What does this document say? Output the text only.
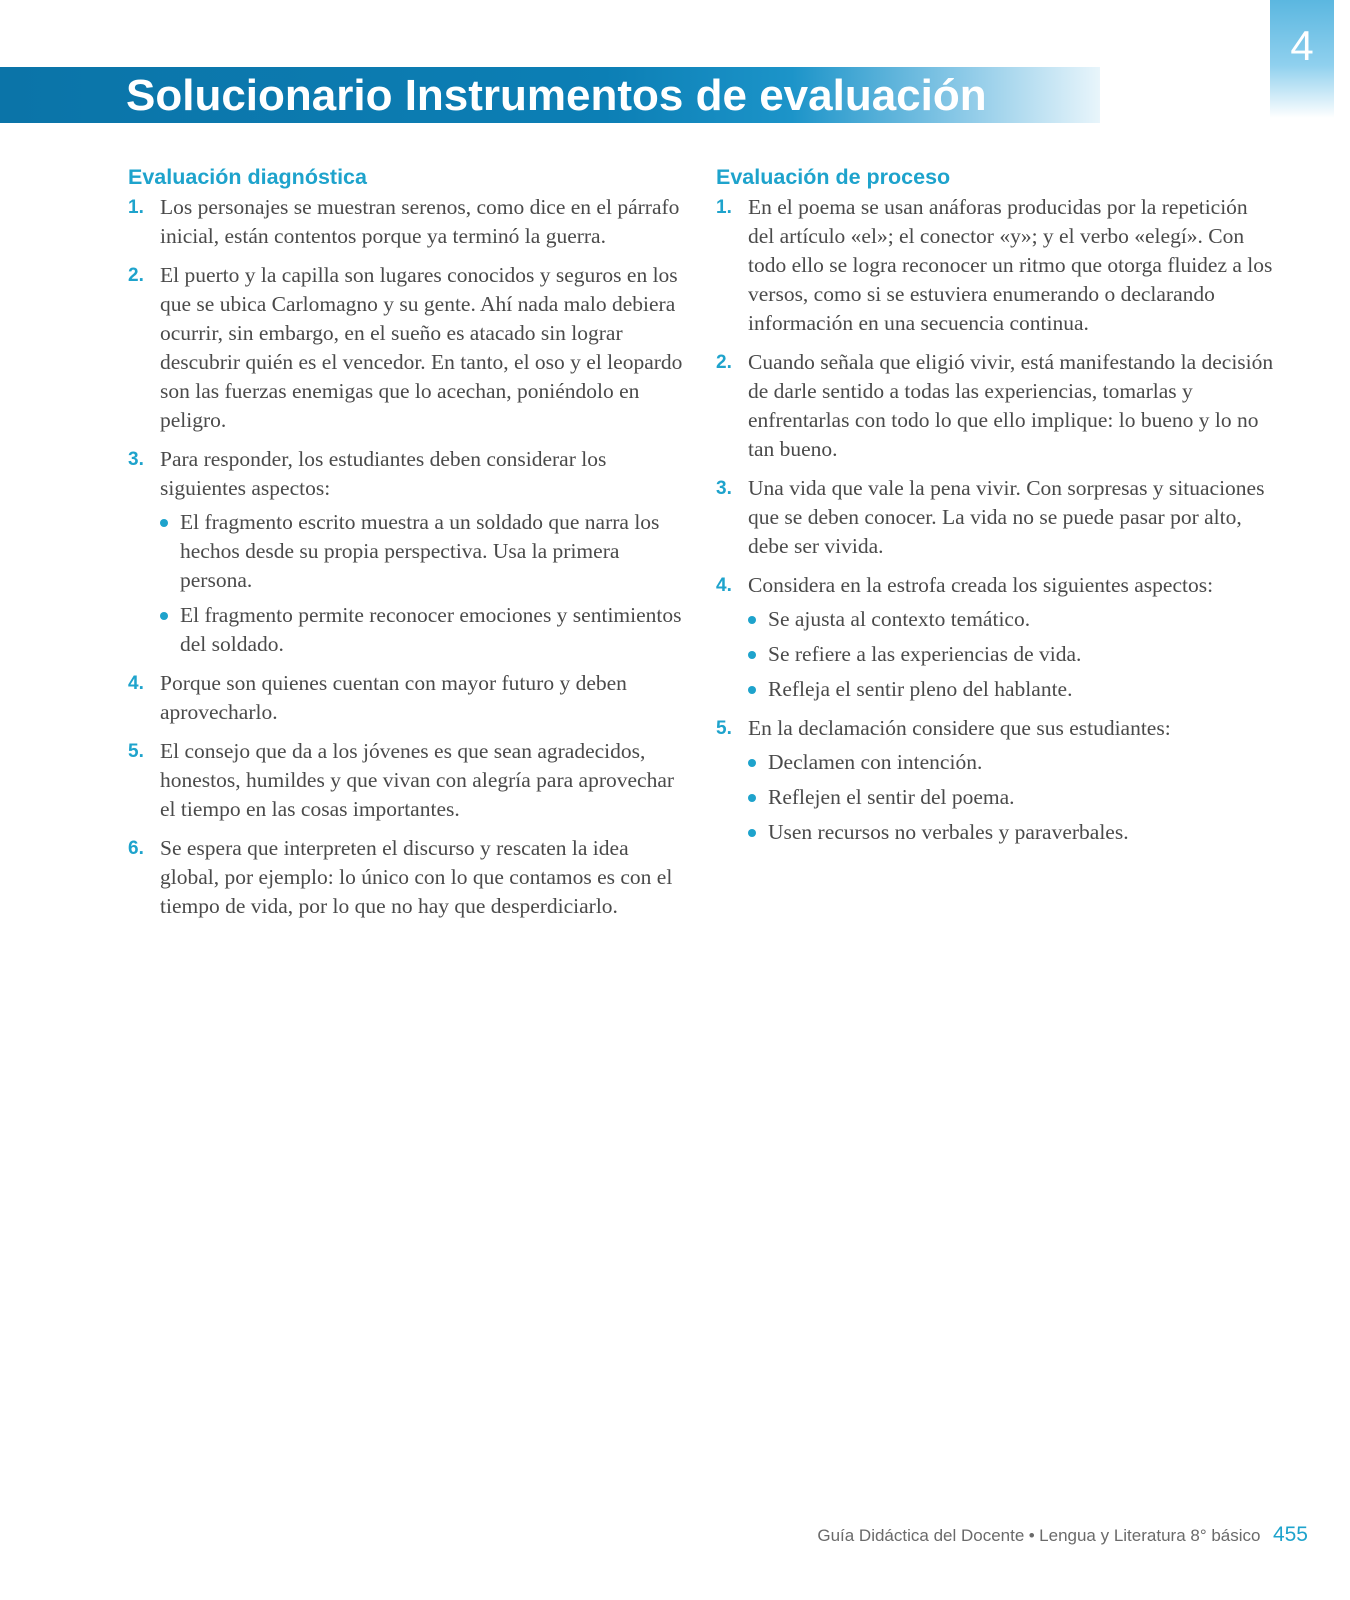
Solucionario Instrumentos de evaluación
4
Evaluación diagnóstica
1. Los personajes se muestran serenos, como dice en el párrafo inicial, están contentos porque ya terminó la guerra.
2. El puerto y la capilla son lugares conocidos y seguros en los que se ubica Carlomagno y su gente. Ahí nada malo debiera ocurrir, sin embargo, en el sueño es atacado sin lograr descubrir quién es el vencedor. En tanto, el oso y el leopardo son las fuerzas enemigas que lo acechan, poniéndolo en peligro.
3. Para responder, los estudiantes deben considerar los siguientes aspectos:
El fragmento escrito muestra a un soldado que narra los hechos desde su propia perspectiva. Usa la primera persona.
El fragmento permite reconocer emociones y sentimientos del soldado.
4. Porque son quienes cuentan con mayor futuro y deben aprovecharlo.
5. El consejo que da a los jóvenes es que sean agradecidos, honestos, humildes y que vivan con alegría para aprovechar el tiempo en las cosas importantes.
6. Se espera que interpreten el discurso y rescaten la idea global, por ejemplo: lo único con lo que contamos es con el tiempo de vida, por lo que no hay que desperdiciarlo.
Evaluación de proceso
1. En el poema se usan anáforas producidas por la repetición del artículo «el»; el conector «y»; y el verbo «elegí». Con todo ello se logra reconocer un ritmo que otorga fluidez a los versos, como si se estuviera enumerando o declarando información en una secuencia continua.
2. Cuando señala que eligió vivir, está manifestando la decisión de darle sentido a todas las experiencias, tomarlas y enfrentarlas con todo lo que ello implique: lo bueno y lo no tan bueno.
3. Una vida que vale la pena vivir. Con sorpresas y situaciones que se deben conocer. La vida no se puede pasar por alto, debe ser vivida.
4. Considera en la estrofa creada los siguientes aspectos:
Se ajusta al contexto temático.
Se refiere a las experiencias de vida.
Refleja el sentir pleno del hablante.
5. En la declamación considere que sus estudiantes:
Declamen con intención.
Reflejen el sentir del poema.
Usen recursos no verbales y paraverbales.
Guía Didáctica del Docente • Lengua y Literatura 8° básico 455
